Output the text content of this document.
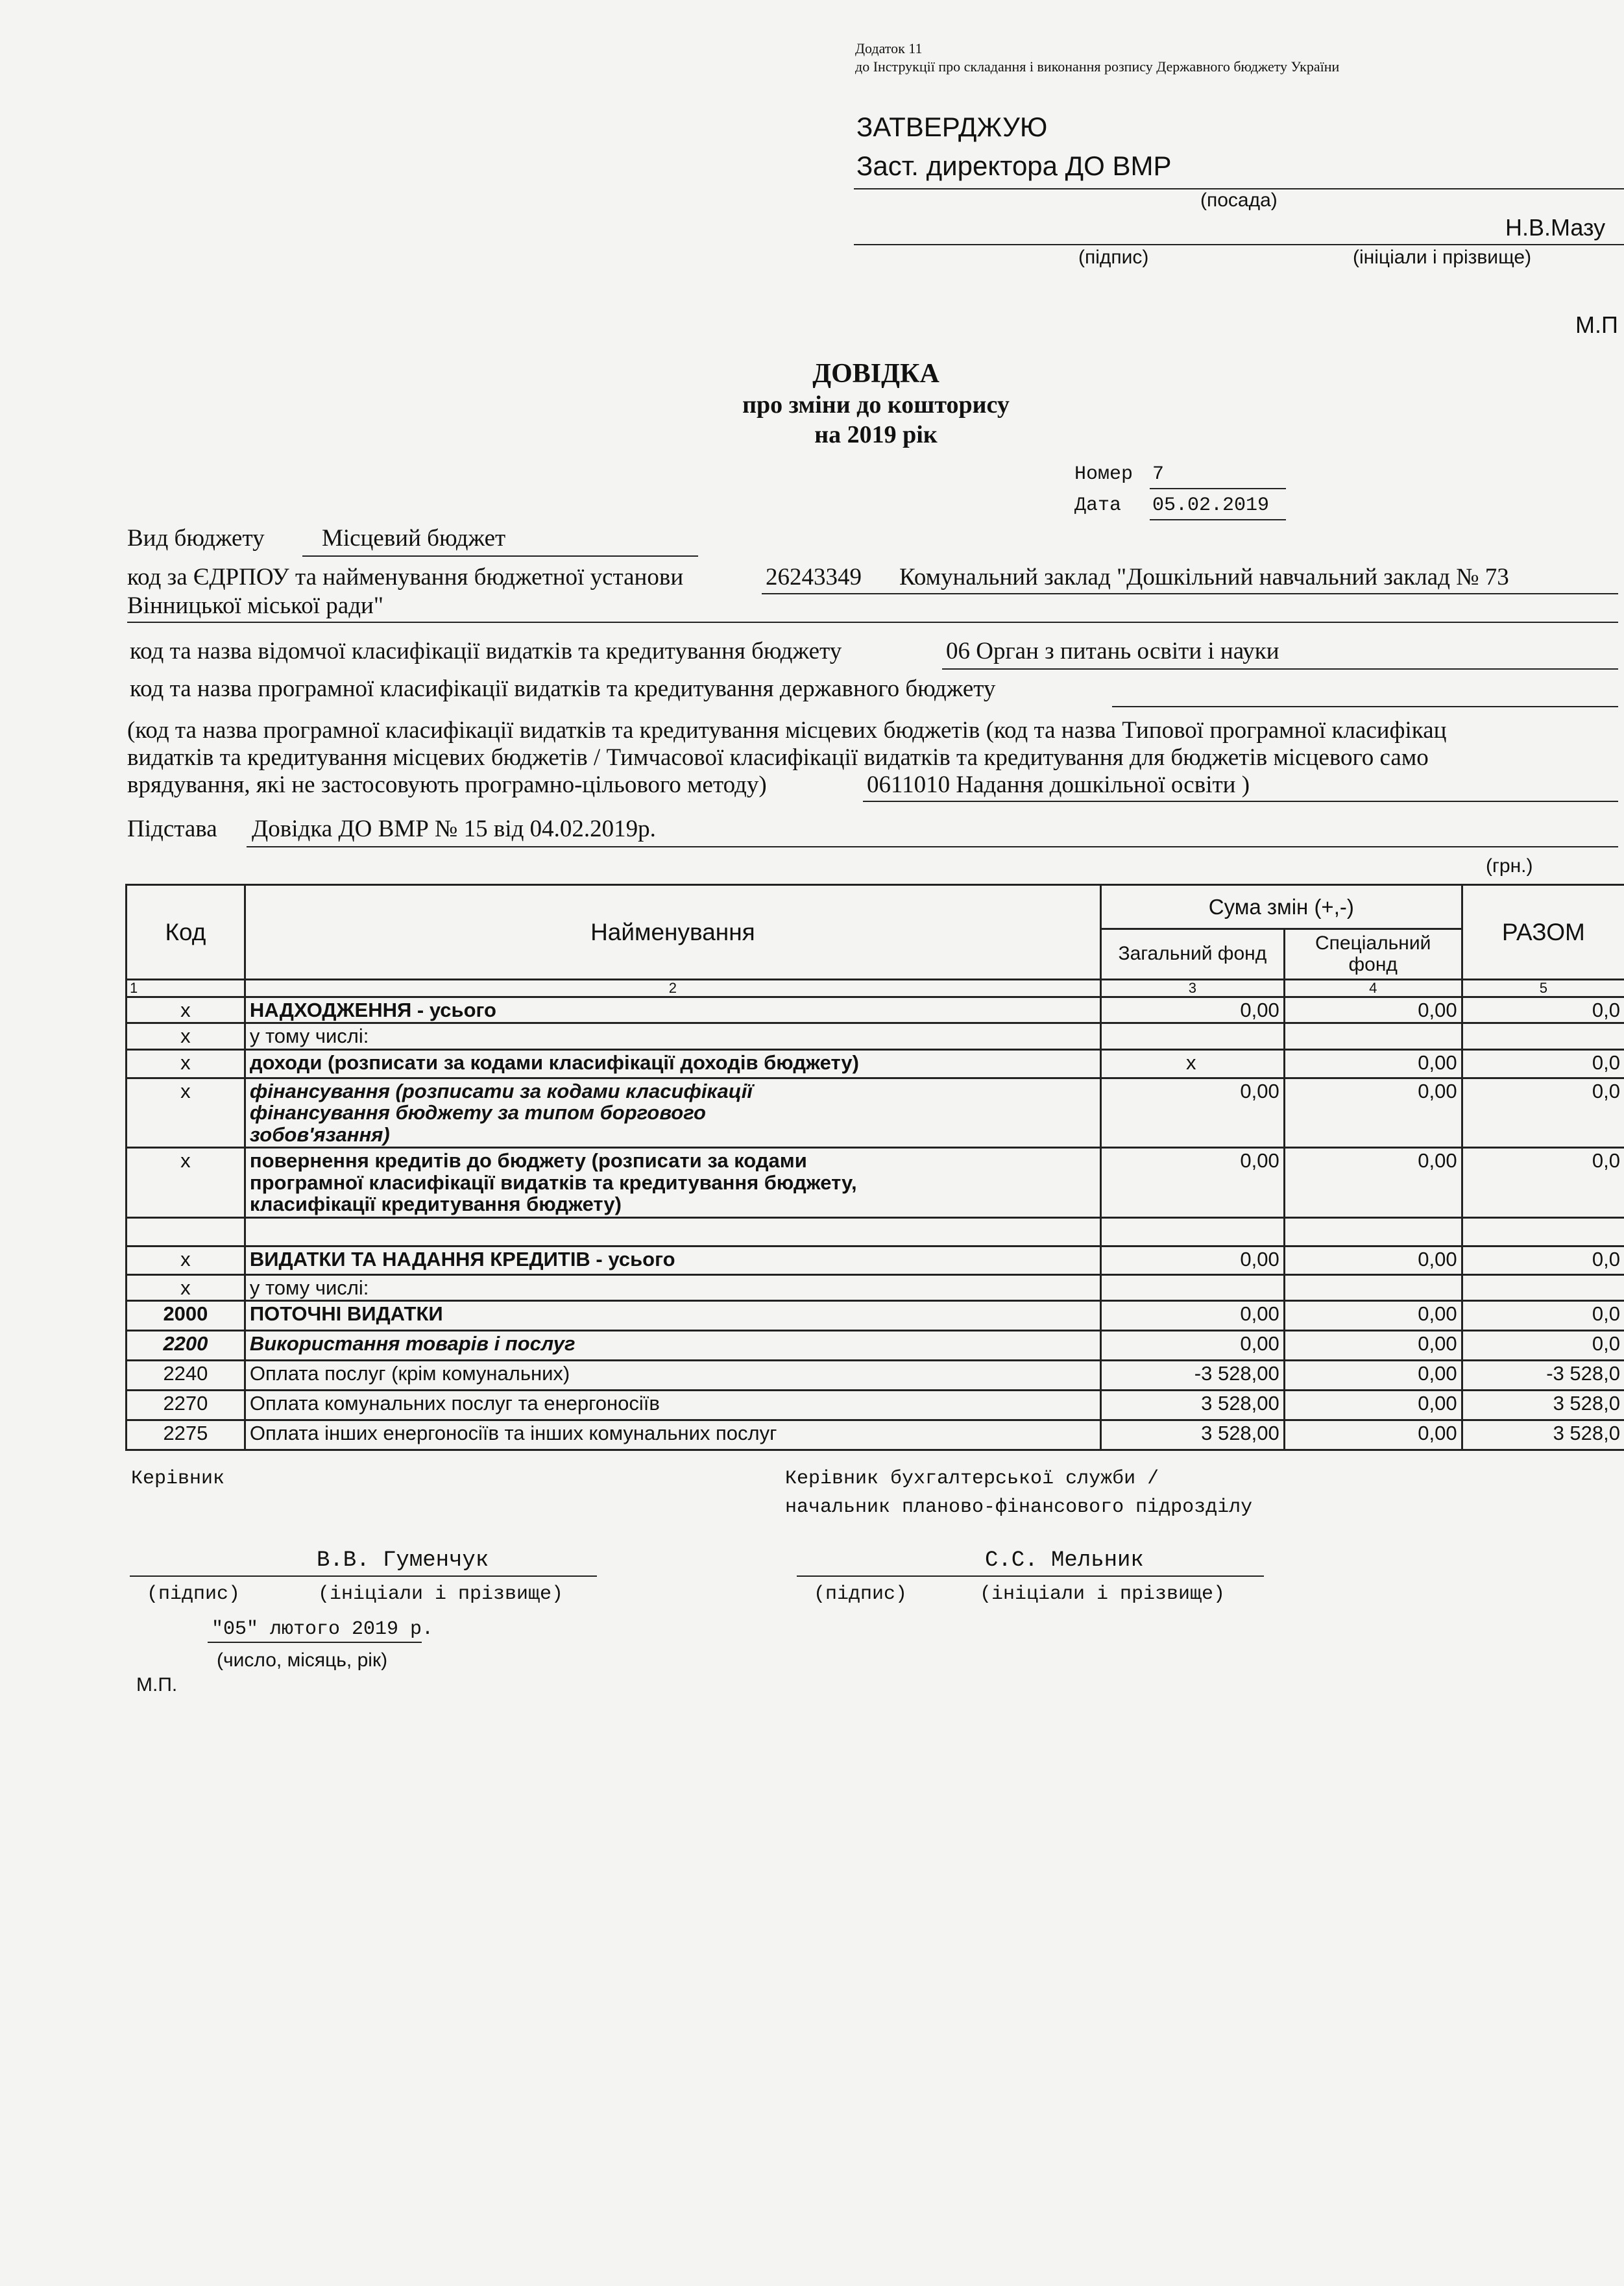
Додаток 11
до Інструкції про складання і виконання розпису Державного бюджету України
ЗАТВЕРДЖУЮ
Заст. директора ДО ВМР
(посада)
Н.В.Мазу
(підпис)	(ініціали і прізвище)
М.П
ДОВІДКА
про зміни до кошторису
на 2019 рік
Номер 7
Дата 05.02.2019
Вид бюджету Місцевий бюджет
код за ЄДРПОУ та найменування бюджетної установи	26243349 Комунальний заклад "Дошкільний навчальний заклад № 73
Вінницької міської ради"
код та назва відомчої класифікації видатків та кредитування бюджету	06 Орган з питань освіти і науки
код та назва програмної класифікації видатків та кредитування державного бюджету
(код та назва програмної класифікації видатків та кредитування місцевих бюджетів (код та назва Типової програмної класифікац
видатків та кредитування місцевих бюджетів / Тимчасової класифікації видатків та кредитування для бюджетів місцевого само
врядування, які не застосовують програмно-цільового методу)	0611010 Надання дошкільної освіти )
Підстава Довідка ДО ВМР № 15 від 04.02.2019р.
(грн.)
Код	Найменування	Сума змін (+,-)		РАЗОМ
		Загальний фонд	Спеціальний фонд	
1	2	3	4	5
х	НАДХОДЖЕННЯ - усього	0,00	0,00	0,0
х	у тому числі:			
х	доходи (розписати за кодами класифікації доходів бюджету)	х	0,00	0,0
х	фінансування (розписати за кодами класифікації фінансування бюджету за типом боргового зобов'язання)	0,00	0,00	0,0
х	повернення кредитів до бюджету (розписати за кодами програмної класифікації видатків та кредитування бюджету, класифікації кредитування бюджету)	0,00	0,00	0,0

х	ВИДАТКИ ТА НАДАННЯ КРЕДИТІВ - усього	0,00	0,00	0,0
х	у тому числі:			
2000	ПОТОЧНІ ВИДАТКИ	0,00	0,00	0,0
2200	Використання товарів і послуг	0,00	0,00	0,0
2240	Оплата послуг (крім комунальних)	-3 528,00	0,00	-3 528,0
2270	Оплата комунальних послуг та енергоносіїв	3 528,00	0,00	3 528,0
2275	Оплата інших енергоносіїв та інших комунальних послуг	3 528,00	0,00	3 528,0
Керівник	Керівник бухгалтерської служби /
начальник планово-фінансового підрозділу
В.В. Гуменчук
(підпис)	(ініціали і прізвище)
С.С. Мельник
(підпис)	(ініціали і прізвище)
"05" лютого 2019 р.
(число, місяць, рік)
М.П.
